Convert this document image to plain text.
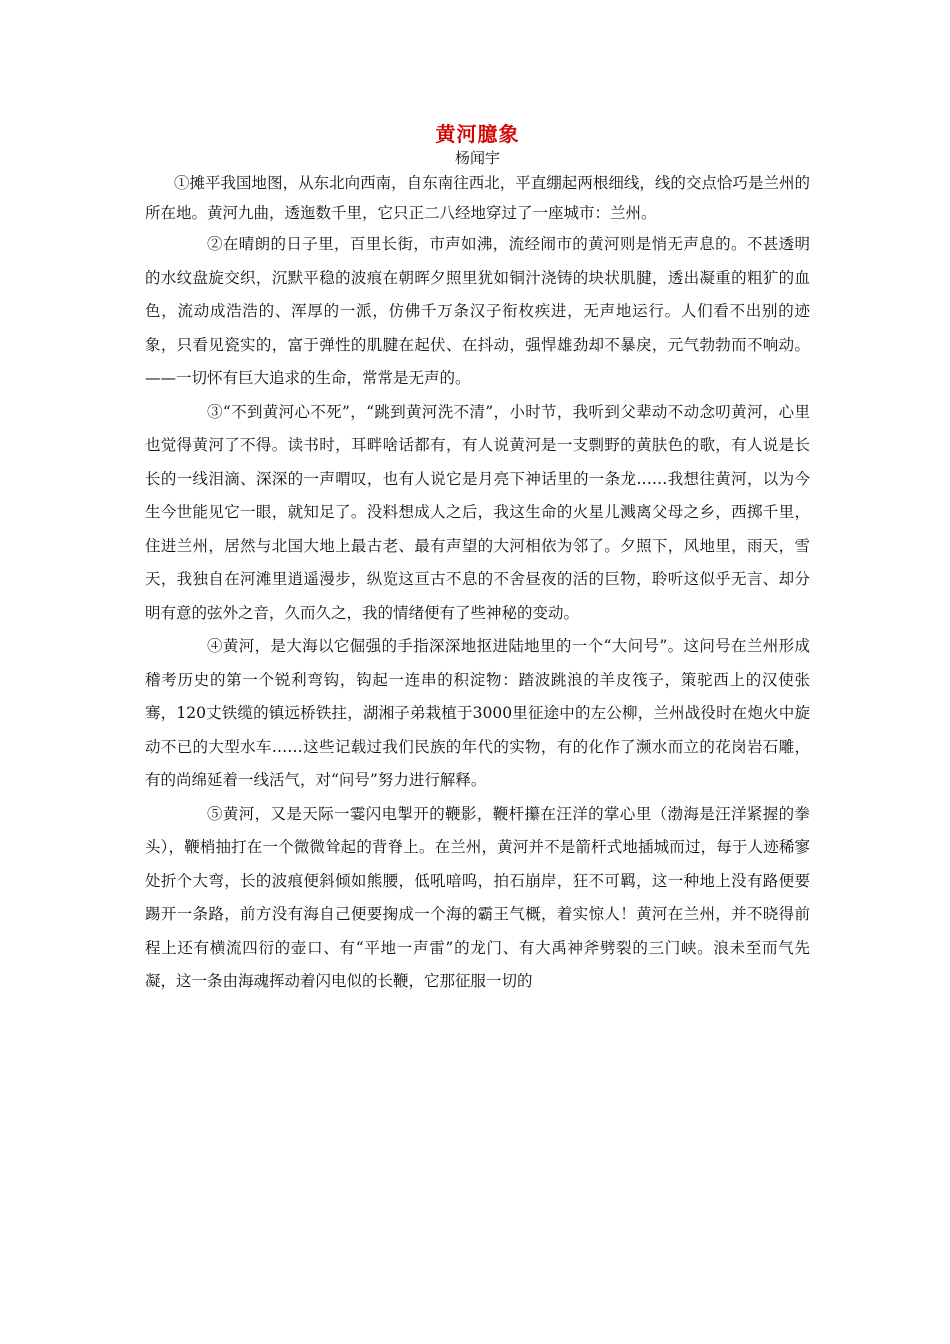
黄河臆象
杨闻宇

①摊平我国地图，从东北向西南，自东南往西北，平直绷起两根细线，线的交点恰巧是兰州的所在地。黄河九曲，透迤数千里，它只正二八经地穿过了一座城市：兰州。

②在晴朗的日子里，百里长街，市声如沸，流经闹市的黄河则是悄无声息的。不甚透明的水纹盘旋交织，沉默平稳的波痕在朝晖夕照里犹如铜汁浇铸的块状肌腱，透出凝重的粗犷的血色，流动成浩浩的、浑厚的一派，仿佛千万条汉子衔枚疾进，无声地运行。人们看不出别的迹象，只看见瓷实的，富于弹性的肌腱在起伏、在抖动，强悍雄劲却不暴戾，元气勃勃而不响动。——一切怀有巨大追求的生命，常常是无声的。

③“不到黄河心不死”，“跳到黄河洗不清”，小时节，我听到父辈动不动念叨黄河，心里也觉得黄河了不得。读书时，耳畔啥话都有，有人说黄河是一支剽野的黄肤色的歌，有人说是长长的一线泪滴、深深的一声喟叹，也有人说它是月亮下神话里的一条龙……我想往黄河，以为今生今世能见它一眼，就知足了。没料想成人之后，我这生命的火星儿溅离父母之乡，西掷千里，住进兰州，居然与北国大地上最古老、最有声望的大河相依为邻了。夕照下，风地里，雨天，雪天，我独自在河滩里逍遥漫步，纵览这亘古不息的不舍昼夜的活的巨物，聆听这似乎无言、却分明有意的弦外之音，久而久之，我的情绪便有了些神秘的变动。

④黄河，是大海以它倔强的手指深深地抠进陆地里的一个“大问号”。这问号在兰州形成稽考历史的第一个锐利弯钩，钩起一连串的积淀物：踏波跳浪的羊皮筏子，策驼西上的汉使张骞，120丈铁缆的镇远桥铁拄，湖湘子弟栽植于3000里征途中的左公柳，兰州战役时在炮火中旋动不已的大型水车……这些记载过我们民族的年代的实物，有的化作了濒水而立的花岗岩石雕，有的尚绵延着一线活气，对“问号”努力进行解释。

⑤黄河，又是天际一霎闪电掣开的鞭影，鞭杆攥在汪洋的掌心里（渤海是汪洋紧握的拳头），鞭梢抽打在一个微微耸起的背脊上。在兰州，黄河并不是箭杆式地插城而过，每于人迹稀寥处折个大弯，长的波痕便斜倾如熊腰，低吼喑呜，拍石崩岸，狂不可羁，这一种地上没有路便要踢开一条路，前方没有海自己便要掬成一个海的霸王气概，着实惊人！黄河在兰州，并不晓得前程上还有横流四衍的壶口、有“平地一声雷”的龙门、有大禹神斧劈裂的三门峡。浪未至而气先凝，这一条由海魂挥动着闪电似的长鞭，它那征服一切的
